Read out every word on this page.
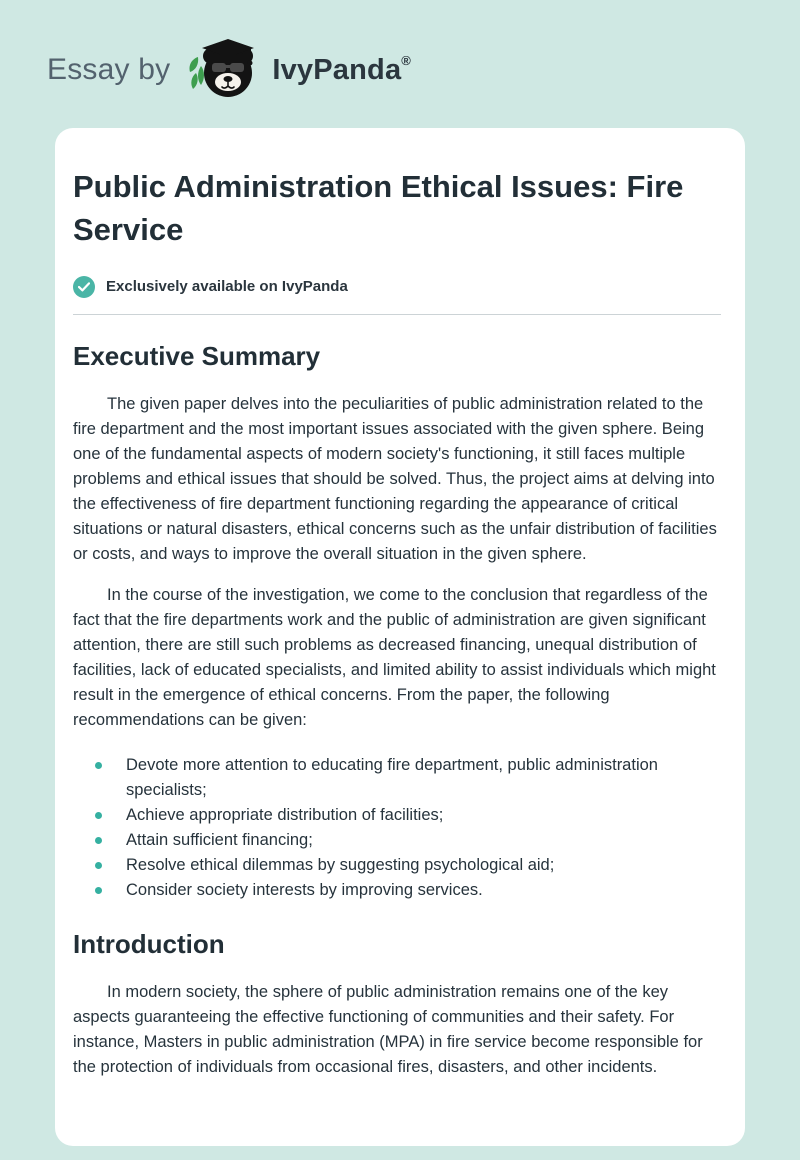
Essay by	IvyPanda®
Public Administration Ethical Issues: Fire Service
Exclusively available on IvyPanda
Executive Summary

The given paper delves into the peculiarities of public administration related to the fire department and the most important issues associated with the given sphere. Being one of the fundamental aspects of modern society's functioning, it still faces multiple problems and ethical issues that should be solved. Thus, the project aims at delving into the effectiveness of fire department functioning regarding the appearance of critical situations or natural disasters, ethical concerns such as the unfair distribution of facilities or costs, and ways to improve the overall situation in the given sphere.

In the course of the investigation, we come to the conclusion that regardless of the fact that the fire departments work and the public of administration are given significant attention, there are still such problems as decreased financing, unequal distribution of facilities, lack of educated specialists, and limited ability to assist individuals which might result in the emergence of ethical concerns. From the paper, the following recommendations can be given:

Devote more attention to educating fire department, public administration specialists;
Achieve appropriate distribution of facilities;
Attain sufficient financing;
Resolve ethical dilemmas by suggesting psychological aid;
Consider society interests by improving services.
Introduction

In modern society, the sphere of public administration remains one of the key aspects guaranteeing the effective functioning of communities and their safety. For instance, Masters in public administration (MPA) in fire service become responsible for the protection of individuals from occasional fires, disasters, and other incidents.
